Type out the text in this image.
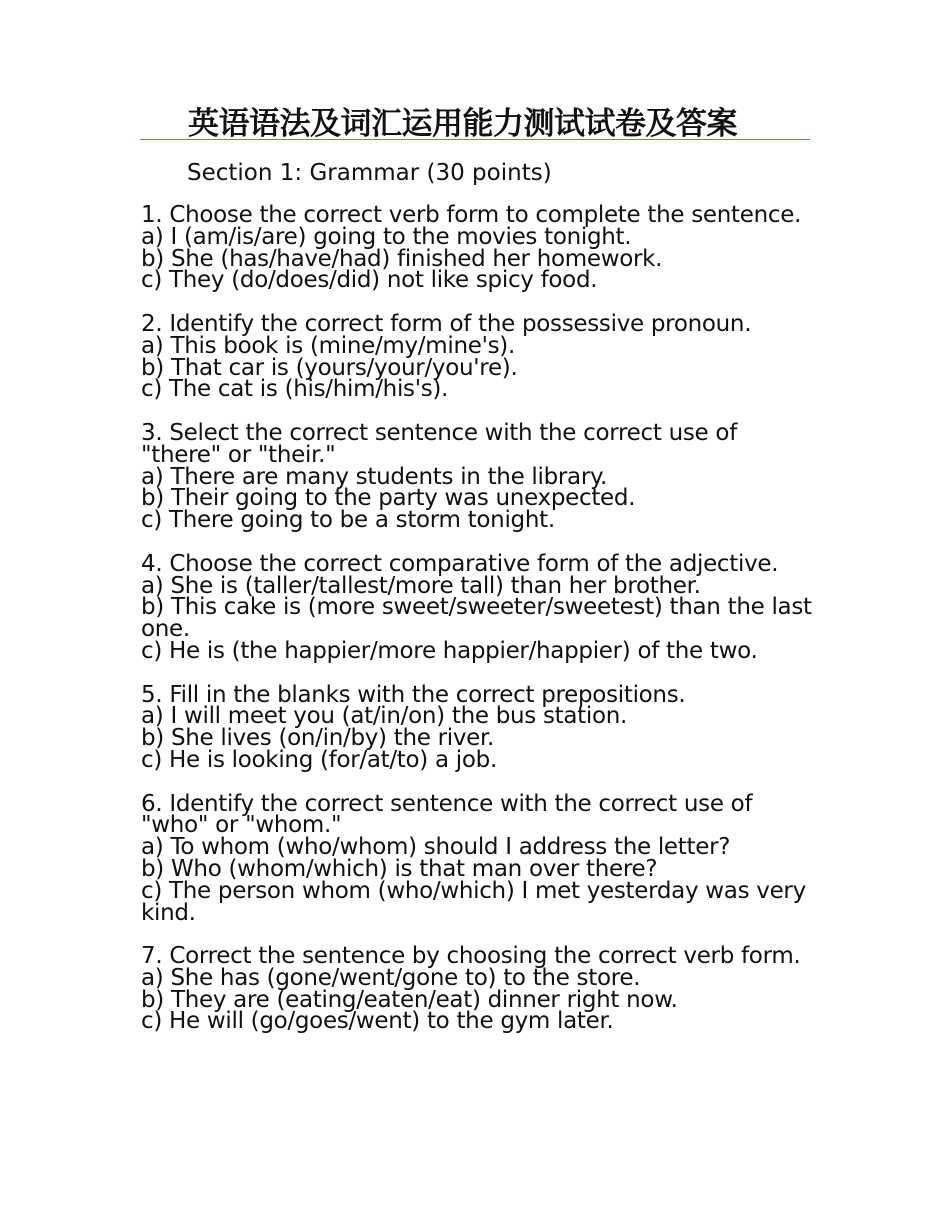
英语语法及词汇运用能力测试试卷及答案
Section 1: Grammar (30 points)
1. Choose the correct verb form to complete the sentence.
a) I (am/is/are) going to the movies tonight.
b) She (has/have/had) finished her homework.
c) They (do/does/did) not like spicy food.
2. Identify the correct form of the possessive pronoun.
a) This book is (mine/my/mine's).
b) That car is (yours/your/you're).
c) The cat is (his/him/his's).
3. Select the correct sentence with the correct use of "there" or "their."
a) There are many students in the library.
b) Their going to the party was unexpected.
c) There going to be a storm tonight.
4. Choose the correct comparative form of the adjective.
a) She is (taller/tallest/more tall) than her brother.
b) This cake is (more sweet/sweeter/sweetest) than the last one.
c) He is (the happier/more happier/happier) of the two.
5. Fill in the blanks with the correct prepositions.
a) I will meet you (at/in/on) the bus station.
b) She lives (on/in/by) the river.
c) He is looking (for/at/to) a job.
6. Identify the correct sentence with the correct use of "who" or "whom."
a) To whom (who/whom) should I address the letter?
b) Who (whom/which) is that man over there?
c) The person whom (who/which) I met yesterday was very kind.
7. Correct the sentence by choosing the correct verb form.
a) She has (gone/went/gone to) to the store.
b) They are (eating/eaten/eat) dinner right now.
c) He will (go/goes/went) to the gym later.
